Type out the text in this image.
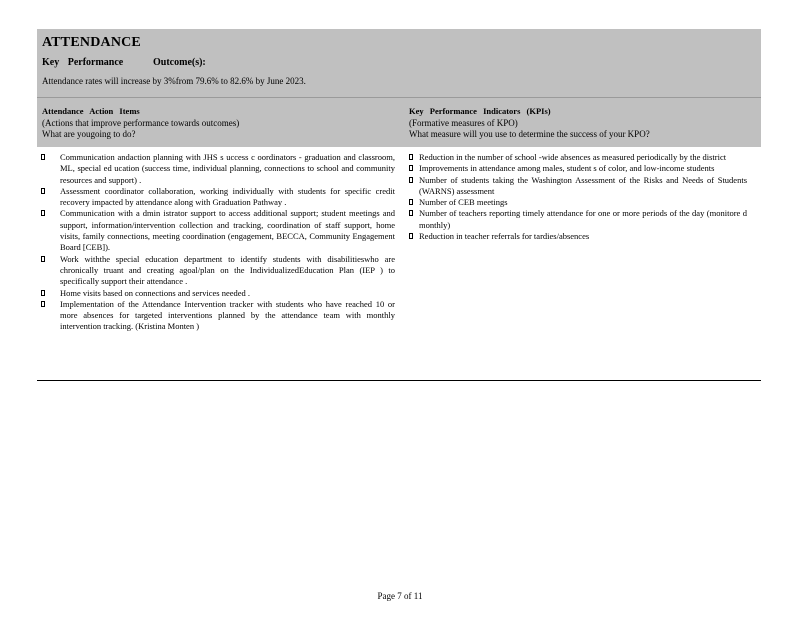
ATTENDANCE
Key Performance	Outcome(s):
Attendance rates will increase by 3%from 79.6% to 82.6% by June 2023.
Attendance Action Items
(Actions that improve performance towards outcomes)
What are yougoing to do?
Key Performance Indicators (KPIs)
(Formative measures of KPO)
What measure will you use to determine the success of your KPO?
Communication andaction planning with JHS s uccess c oordinators - graduation and classroom, ML, special ed ucation (success time, individual planning, connections to school and community resources and support) .
Assessment coordinator collaboration, working individually with students for specific credit recovery impacted by attendance along with Graduation Pathway .
Communication with a dmin istrator support to access additional support; student meetings and support, information/intervention collection and tracking, coordination of staff support, home visits, family connections, meeting coordination (engagement, BECCA, Community Engagement Board [CEB]).
Work withthe special education department to identify students with disabilitieswho are chronically truant and creating agoal/plan on the IndividualizedEducation Plan (IEP ) to specifically support their attendance .
Home visits based on connections and services needed .
Implementation of the Attendance Intervention tracker with students who have reached 10 or more absences for targeted interventions planned by the attendance team with monthly intervention tracking. (Kristina Monten )
Reduction in the number of school -wide absences as measured periodically by the district
Improvements in attendance among males, student s of color, and low-income students
Number of students taking the Washington Assessment of the Risks and Needs of Students (WARNS) assessment
Number of CEB meetings
Number of teachers reporting timely attendance for one or more periods of the day (monitore d monthly)
Reduction in teacher referrals for tardies/absences
Page 7 of 11
